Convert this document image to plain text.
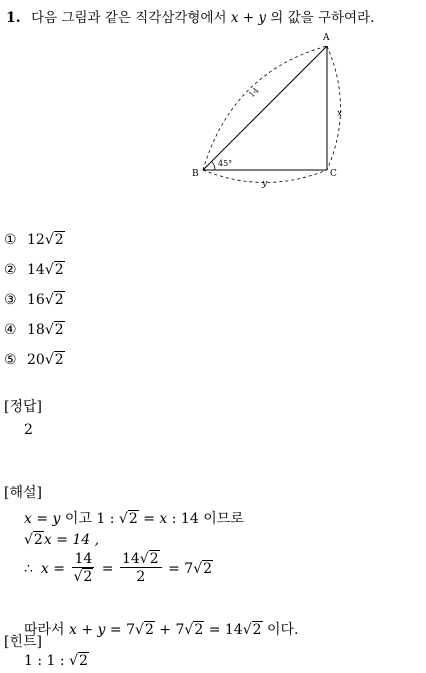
1. 다음 그림과 같은 직각삼각형에서 x + y 의 값을 구하여라.
A
B	C
14
x
y
45°
① 12√2
② 14√2
③ 16√2
④ 18√2
⑤ 20√2
[정답]
2
[해설]
x = y 이고 1 : √2 = x : 14 이므로
√2x = 14 ,
∴ $x = \frac{14}{√2} = \frac{14√2}{2} = 7$ √2
따라서 x + y = 7√2 + 7√2 = 14√2 이다.
[힌트]
1 : 1 : √2
